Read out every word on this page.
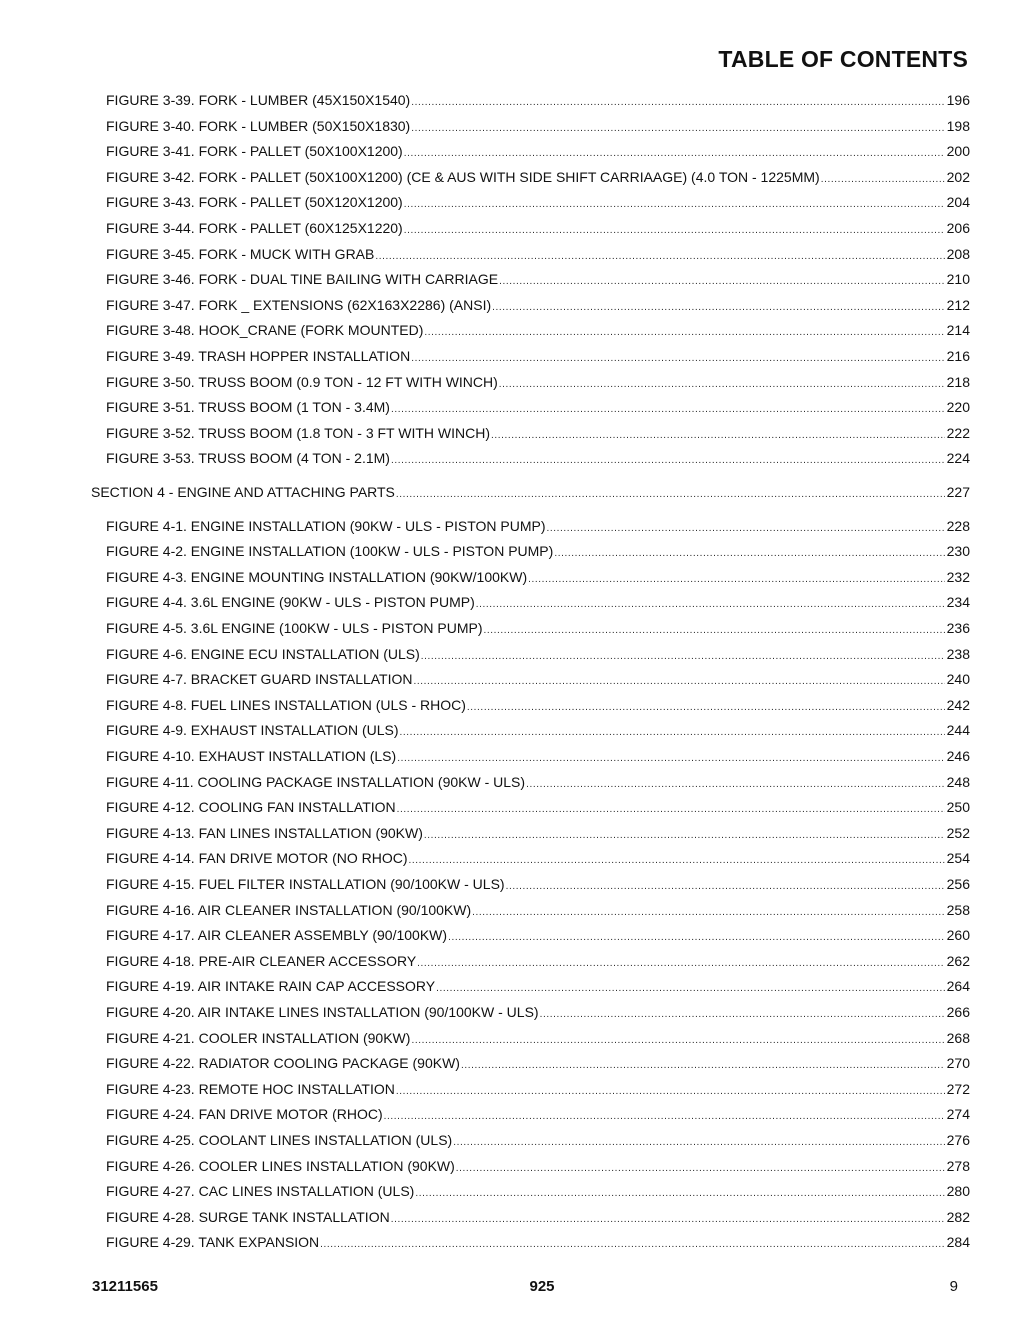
TABLE OF CONTENTS
FIGURE 3-39. FORK - LUMBER (45X150X1540) .....	196
FIGURE 3-40. FORK - LUMBER (50X150X1830) .....	198
FIGURE 3-41. FORK - PALLET (50X100X1200) .....	200
FIGURE 3-42. FORK - PALLET (50X100X1200) (CE & AUS WITH SIDE SHIFT CARRIAAGE) (4.0 TON - 1225MM) .....	202
FIGURE 3-43. FORK - PALLET (50X120X1200) .....	204
FIGURE 3-44. FORK - PALLET (60X125X1220) .....	206
FIGURE 3-45. FORK - MUCK WITH GRAB .....	208
FIGURE 3-46. FORK - DUAL TINE BAILING WITH CARRIAGE .....	210
FIGURE 3-47. FORK _ EXTENSIONS (62X163X2286) (ANSI) .....	212
FIGURE 3-48. HOOK_CRANE (FORK MOUNTED) .....	214
FIGURE 3-49. TRASH HOPPER INSTALLATION .....	216
FIGURE 3-50. TRUSS BOOM (0.9 TON - 12 FT WITH WINCH) .....	218
FIGURE 3-51. TRUSS BOOM (1 TON - 3.4M) .....	220
FIGURE 3-52. TRUSS BOOM (1.8 TON - 3 FT WITH WINCH) .....	222
FIGURE 3-53. TRUSS BOOM (4 TON - 2.1M) .....	224
SECTION 4 - ENGINE AND ATTACHING PARTS .....	227
FIGURE 4-1. ENGINE INSTALLATION (90KW - ULS - PISTON PUMP) .....	228
FIGURE 4-2. ENGINE INSTALLATION (100KW - ULS - PISTON PUMP) .....	230
FIGURE 4-3. ENGINE MOUNTING INSTALLATION (90KW/100KW) .....	232
FIGURE 4-4. 3.6L ENGINE (90KW - ULS - PISTON PUMP) .....	234
FIGURE 4-5. 3.6L ENGINE (100KW - ULS - PISTON PUMP) .....	236
FIGURE 4-6. ENGINE ECU INSTALLATION (ULS) .....	238
FIGURE 4-7. BRACKET GUARD INSTALLATION .....	240
FIGURE 4-8. FUEL LINES INSTALLATION (ULS - RHOC) .....	242
FIGURE 4-9. EXHAUST INSTALLATION (ULS) .....	244
FIGURE 4-10. EXHAUST INSTALLATION (LS) .....	246
FIGURE 4-11. COOLING PACKAGE INSTALLATION (90KW - ULS) .....	248
FIGURE 4-12. COOLING FAN INSTALLATION .....	250
FIGURE 4-13. FAN LINES INSTALLATION (90KW) .....	252
FIGURE 4-14. FAN DRIVE MOTOR (NO RHOC) .....	254
FIGURE 4-15. FUEL FILTER INSTALLATION (90/100KW - ULS) .....	256
FIGURE 4-16. AIR CLEANER INSTALLATION (90/100KW) .....	258
FIGURE 4-17. AIR CLEANER ASSEMBLY (90/100KW) .....	260
FIGURE 4-18. PRE-AIR CLEANER ACCESSORY .....	262
FIGURE 4-19. AIR INTAKE RAIN CAP ACCESSORY .....	264
FIGURE 4-20. AIR INTAKE LINES INSTALLATION (90/100KW - ULS) .....	266
FIGURE 4-21. COOLER INSTALLATION (90KW) .....	268
FIGURE 4-22. RADIATOR COOLING PACKAGE (90KW) .....	270
FIGURE 4-23. REMOTE HOC INSTALLATION .....	272
FIGURE 4-24. FAN DRIVE MOTOR (RHOC) .....	274
FIGURE 4-25. COOLANT LINES INSTALLATION (ULS) .....	276
FIGURE 4-26. COOLER LINES INSTALLATION (90KW) .....	278
FIGURE 4-27. CAC LINES INSTALLATION (ULS) .....	280
FIGURE 4-28. SURGE TANK INSTALLATION .....	282
FIGURE 4-29. TANK EXPANSION .....	284
31211565	925	9
